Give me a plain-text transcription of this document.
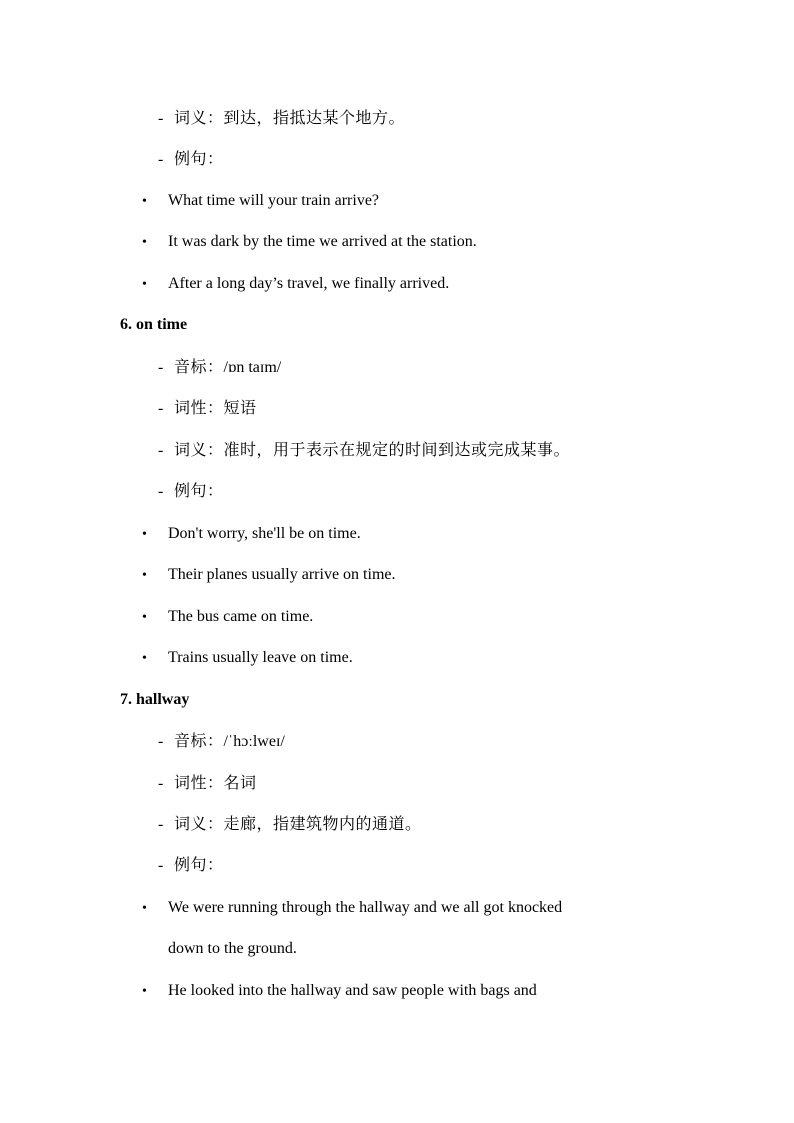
- 词义：到达，指抵达某个地方。
- 例句：
• What time will your train arrive?
• It was dark by the time we arrived at the station.
• After a long day’s travel, we finally arrived.
6. on time
- 音标：/ɒn taɪm/
- 词性：短语
- 词义：准时，用于表示在规定的时间到达或完成某事。
- 例句：
• Don't worry, she'll be on time.
• Their planes usually arrive on time.
• The bus came on time.
• Trains usually leave on time.
7. hallway
- 音标：/ˈhɔːlweɪ/
- 词性：名词
- 词义：走廊，指建筑物内的通道。
- 例句：
• We were running through the hallway and we all got knocked
down to the ground.
• He looked into the hallway and saw people with bags and
